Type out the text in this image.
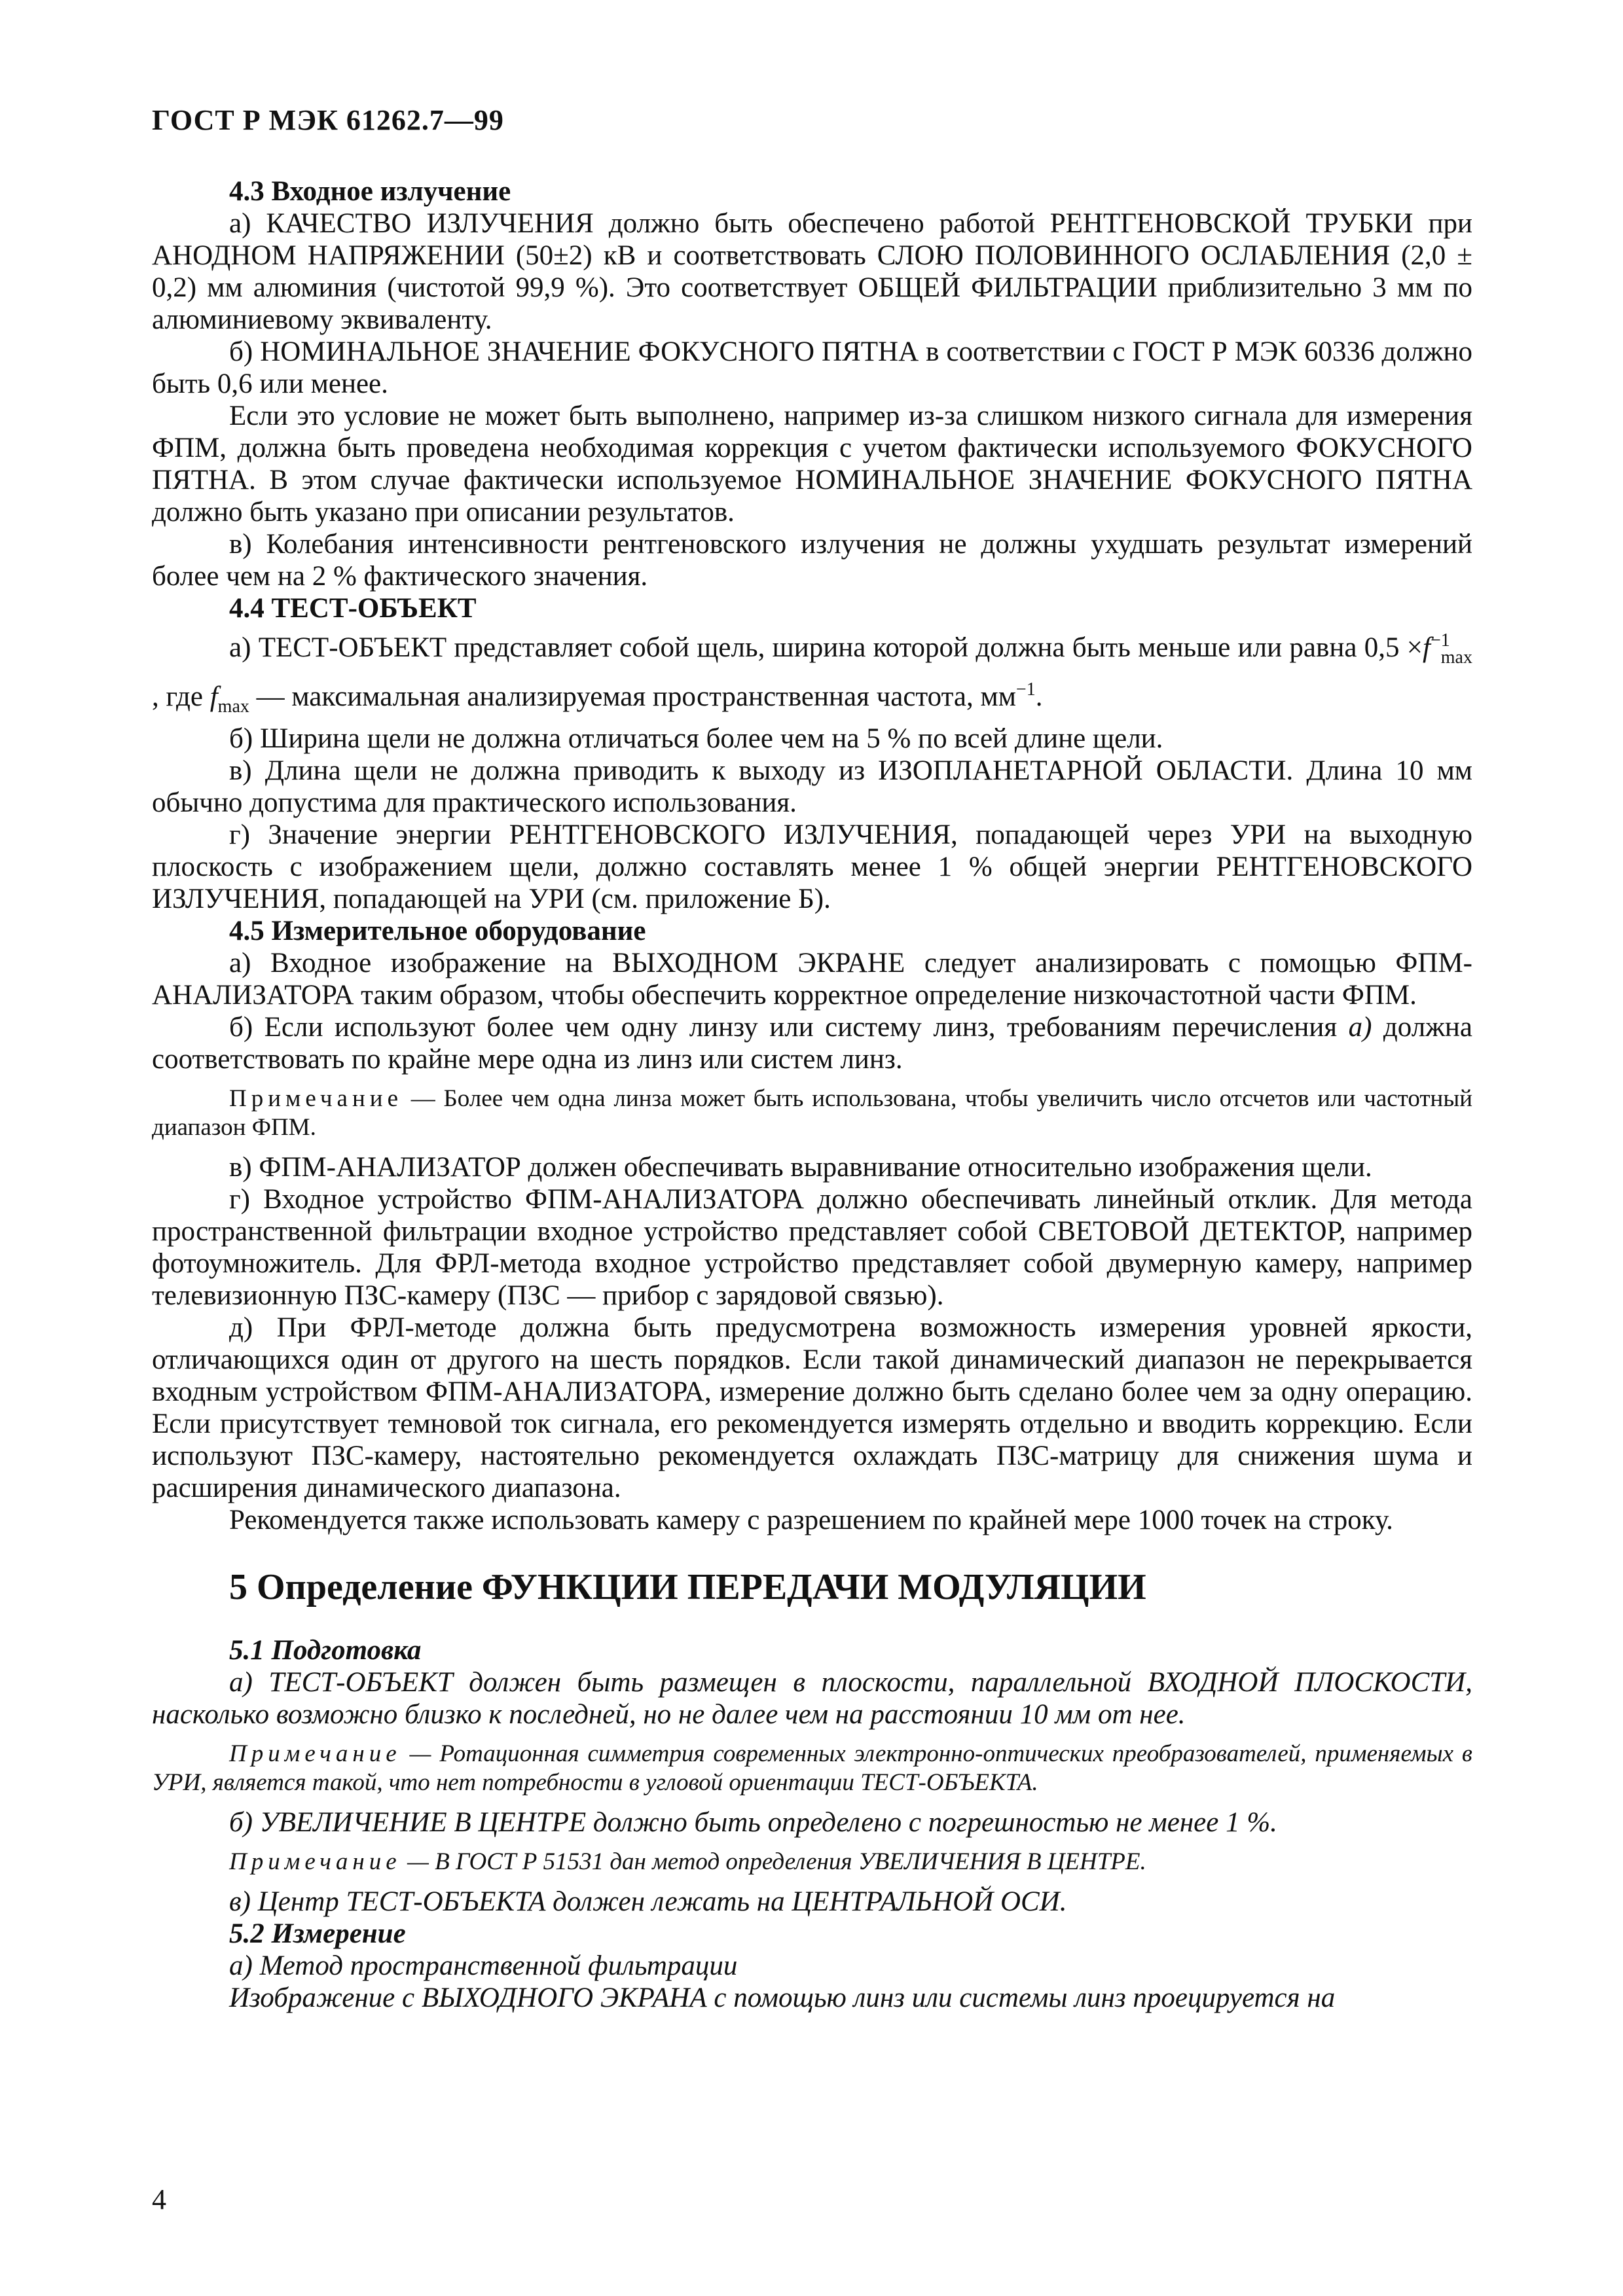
ГОСТ Р МЭК 61262.7—99
4.3 Входное излучение

а) КАЧЕСТВО ИЗЛУЧЕНИЯ должно быть обеспечено работой РЕНТГЕНОВСКОЙ ТРУБКИ при АНОДНОМ НАПРЯЖЕНИИ (50±2) кВ и соответствовать СЛОЮ ПОЛОВИННОГО ОСЛАБЛЕНИЯ (2,0 ± 0,2) мм алюминия (чистотой 99,9 %). Это соответствует ОБЩЕЙ ФИЛЬТРАЦИИ приблизительно 3 мм по алюминиевому эквиваленту.

б) НОМИНАЛЬНОЕ ЗНАЧЕНИЕ ФОКУСНОГО ПЯТНА в соответствии с ГОСТ Р МЭК 60336 должно быть 0,6 или менее.

Если это условие не может быть выполнено, например из-за слишком низкого сигнала для измерения ФПМ, должна быть проведена необходимая коррекция с учетом фактически используемого ФОКУСНОГО ПЯТНА. В этом случае фактически используемое НОМИНАЛЬНОЕ ЗНАЧЕНИЕ ФОКУСНОГО ПЯТНА должно быть указано при описании результатов.

в) Колебания интенсивности рентгеновского излучения не должны ухудшать результат измерений более чем на 2 % фактического значения.

4.4 ТЕСТ-ОБЪЕКТ

а) ТЕСТ-ОБЪЕКТ представляет собой щель, ширина которой должна быть меньше или равна $0,5 \times f^{-1}_{max}$ , где $f_{max}$ — максимальная анализируемая пространственная частота, $мм^{-1}$.

б) Ширина щели не должна отличаться более чем на 5 % по всей длине щели.

в) Длина щели не должна приводить к выходу из ИЗОПЛАНЕТАРНОЙ ОБЛАСТИ. Длина 10 мм обычно допустима для практического использования.

г) Значение энергии РЕНТГЕНОВСКОГО ИЗЛУЧЕНИЯ, попадающей через УРИ на выходную плоскость с изображением щели, должно составлять менее 1 % общей энергии РЕНТГЕНОВСКОГО ИЗЛУЧЕНИЯ, попадающей на УРИ (см. приложение Б).

4.5 Измерительное оборудование

а) Входное изображение на ВЫХОДНОМ ЭКРАНЕ следует анализировать с помощью ФПМ-АНАЛИЗАТОРА таким образом, чтобы обеспечить корректное определение низкочастотной части ФПМ.

б) Если используют более чем одну линзу или систему линз, требованиям перечисления а) должна соответствовать по крайне мере одна из линз или систем линз.

Примечание — Более чем одна линза может быть использована, чтобы увеличить число отсчетов или частотный диапазон ФПМ.

в) ФПМ-АНАЛИЗАТОР должен обеспечивать выравнивание относительно изображения щели.

г) Входное устройство ФПМ-АНАЛИЗАТОРА должно обеспечивать линейный отклик. Для метода пространственной фильтрации входное устройство представляет собой СВЕТОВОЙ ДЕТЕКТОР, например фотоумножитель. Для ФРЛ-метода входное устройство представляет собой двумерную камеру, например телевизионную ПЗС-камеру (ПЗС — прибор с зарядовой связью).

д) При ФРЛ-методе должна быть предусмотрена возможность измерения уровней яркости, отличающихся один от другого на шесть порядков. Если такой динамический диапазон не перекрывается входным устройством ФПМ-АНАЛИЗАТОРА, измерение должно быть сделано более чем за одну операцию. Если присутствует темновой ток сигнала, его рекомендуется измерять отдельно и вводить коррекцию. Если используют ПЗС-камеру, настоятельно рекомендуется охлаждать ПЗС-матрицу для снижения шума и расширения динамического диапазона.

Рекомендуется также использовать камеру с разрешением по крайней мере 1000 точек на строку.

5 Определение ФУНКЦИИ ПЕРЕДАЧИ МОДУЛЯЦИИ

5.1 Подготовка

а) ТЕСТ-ОБЪЕКТ должен быть размещен в плоскости, параллельной ВХОДНОЙ ПЛОСКОСТИ, насколько возможно близко к последней, но не далее чем на расстоянии 10 мм от нее.

Примечание — Ротационная симметрия современных электронно-оптических преобразователей, применяемых в УРИ, является такой, что нет потребности в угловой ориентации ТЕСТ-ОБЪЕКТА.

б) УВЕЛИЧЕНИЕ В ЦЕНТРЕ должно быть определено с погрешностью не менее 1 %.

Примечание — В ГОСТ Р 51531 дан метод определения УВЕЛИЧЕНИЯ В ЦЕНТРЕ.

в) Центр ТЕСТ-ОБЪЕКТА должен лежать на ЦЕНТРАЛЬНОЙ ОСИ.

5.2 Измерение

а) Метод пространственной фильтрации

Изображение с ВЫХОДНОГО ЭКРАНА с помощью линз или системы линз проецируется на

4
